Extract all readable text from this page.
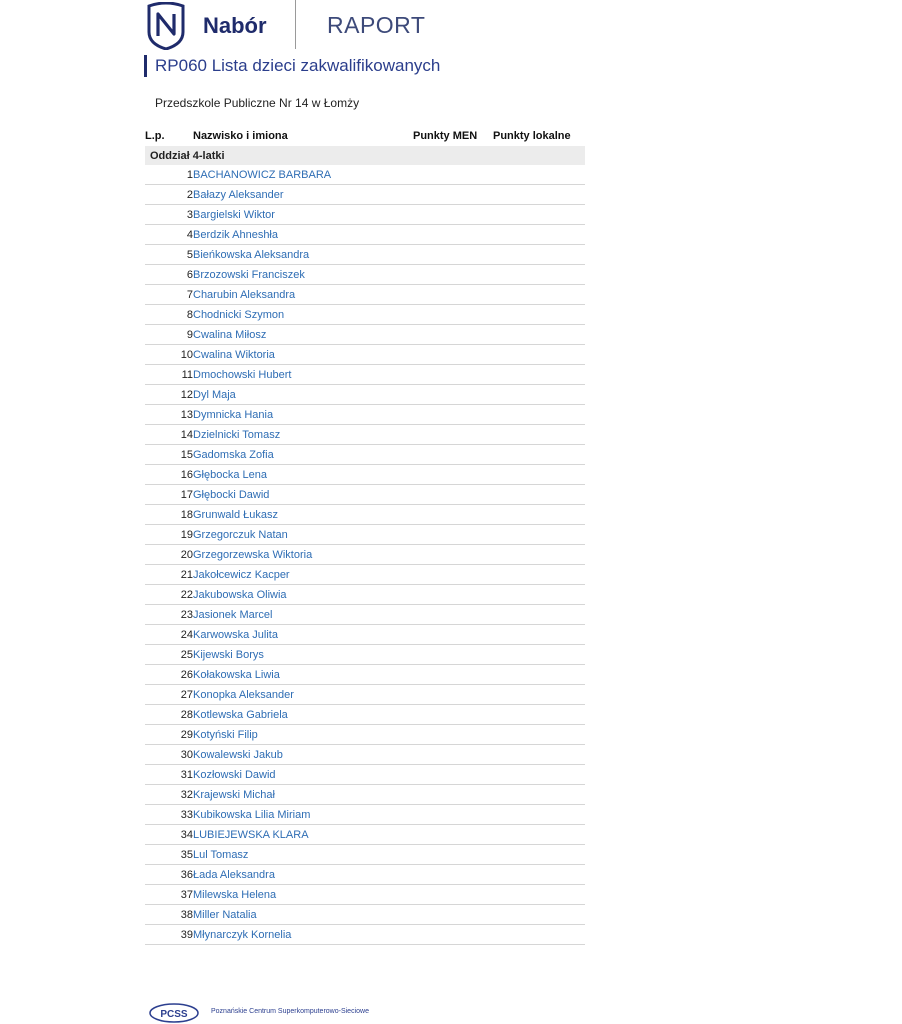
Nabór	RAPORT
RP060 Lista dzieci zakwalifikowanych
Przedszkole Publiczne Nr 14 w Łomży
L.p.	Nazwisko i imiona	Punkty MEN	Punkty lokalne
Oddział 4-latki			
1	BACHANOWICZ BARBARA		
2	Bałazy Aleksander		
3	Bargielski Wiktor		
4	Berdzik Ahneshła		
5	Bieńkowska Aleksandra		
6	Brzozowski Franciszek		
7	Charubin Aleksandra		
8	Chodnicki Szymon		
9	Cwalina Miłosz		
10	Cwalina Wiktoria		
11	Dmochowski Hubert		
12	Dyl Maja		
13	Dymnicka Hania		
14	Dzielnicki Tomasz		
15	Gadomska Zofia		
16	Głębocka Lena		
17	Głębocki Dawid		
18	Grunwald Łukasz		
19	Grzegorczuk Natan		
20	Grzegorzewska Wiktoria		
21	Jakołcewicz Kacper		
22	Jakubowska Oliwia		
23	Jasionek Marcel		
24	Karwowska Julita		
25	Kijewski Borys		
26	Kołakowska Liwia		
27	Konopka Aleksander		
28	Kotlewska Gabriela		
29	Kotyński Filip		
30	Kowalewski Jakub		
31	Kozłowski Dawid		
32	Krajewski Michał		
33	Kubikowska Lilia Miriam		
34	LUBIEJEWSKA KLARA		
35	Lul Tomasz		
36	Łada Aleksandra		
37	Milewska Helena		
38	Miller Natalia		
39	Młynarczyk Kornelia		
PCSS	Poznańskie Centrum Superkomputerowo-Sieciowe
